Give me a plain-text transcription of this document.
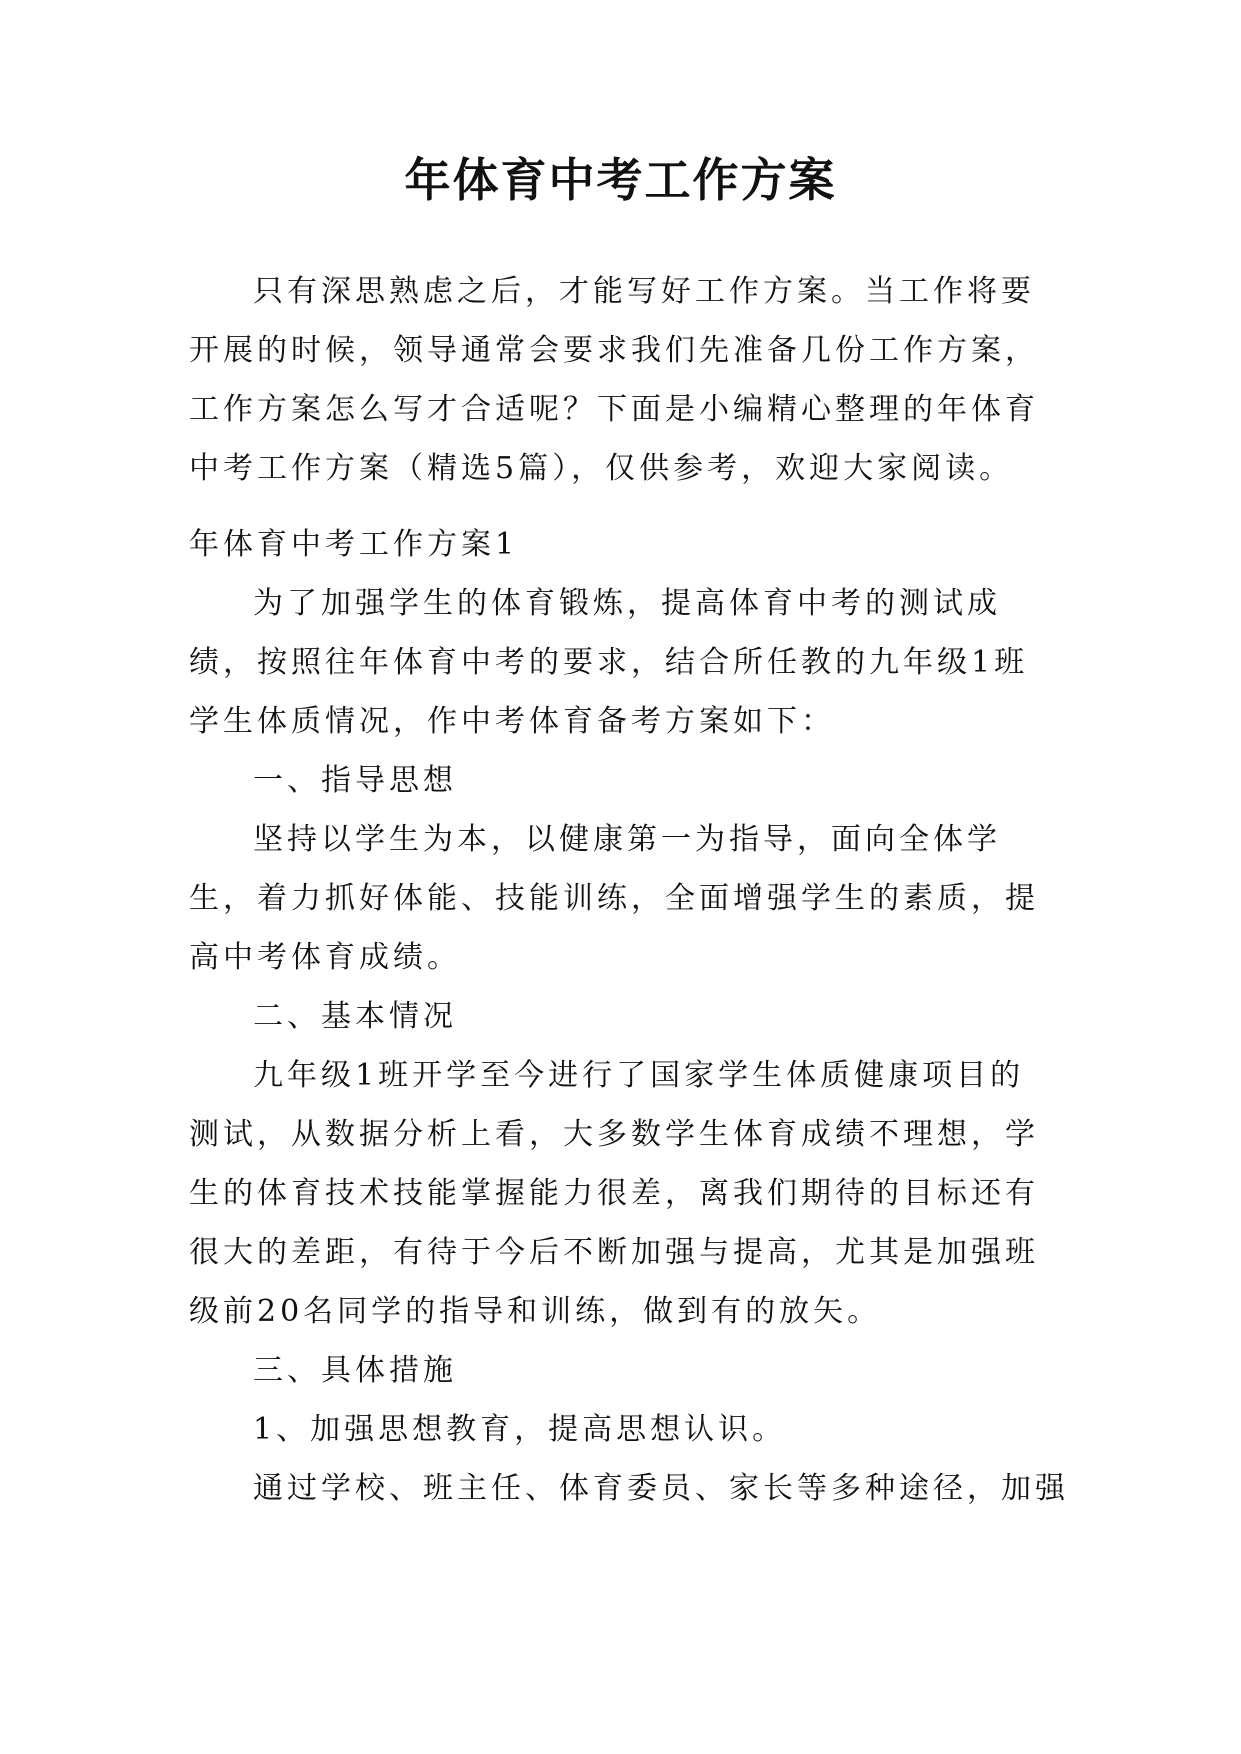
年体育中考工作方案

只有深思熟虑之后，才能写好工作方案。当工作将要开展的时候，领导通常会要求我们先准备几份工作方案，工作方案怎么写才合适呢？下面是小编精心整理的年体育中考工作方案（精选5篇），仅供参考，欢迎大家阅读。

年体育中考工作方案1

为了加强学生的体育锻炼，提高体育中考的测试成绩，按照往年体育中考的要求，结合所任教的九年级1班学生体质情况，作中考体育备考方案如下：

一、指导思想

坚持以学生为本，以健康第一为指导，面向全体学生，着力抓好体能、技能训练，全面增强学生的素质，提高中考体育成绩。

二、基本情况

九年级1班开学至今进行了国家学生体质健康项目的测试，从数据分析上看，大多数学生体育成绩不理想，学生的体育技术技能掌握能力很差，离我们期待的目标还有很大的差距，有待于今后不断加强与提高，尤其是加强班级前20名同学的指导和训练，做到有的放矢。

三、具体措施

1、加强思想教育，提高思想认识。

通过学校、班主任、体育委员、家长等多种途径，加强
